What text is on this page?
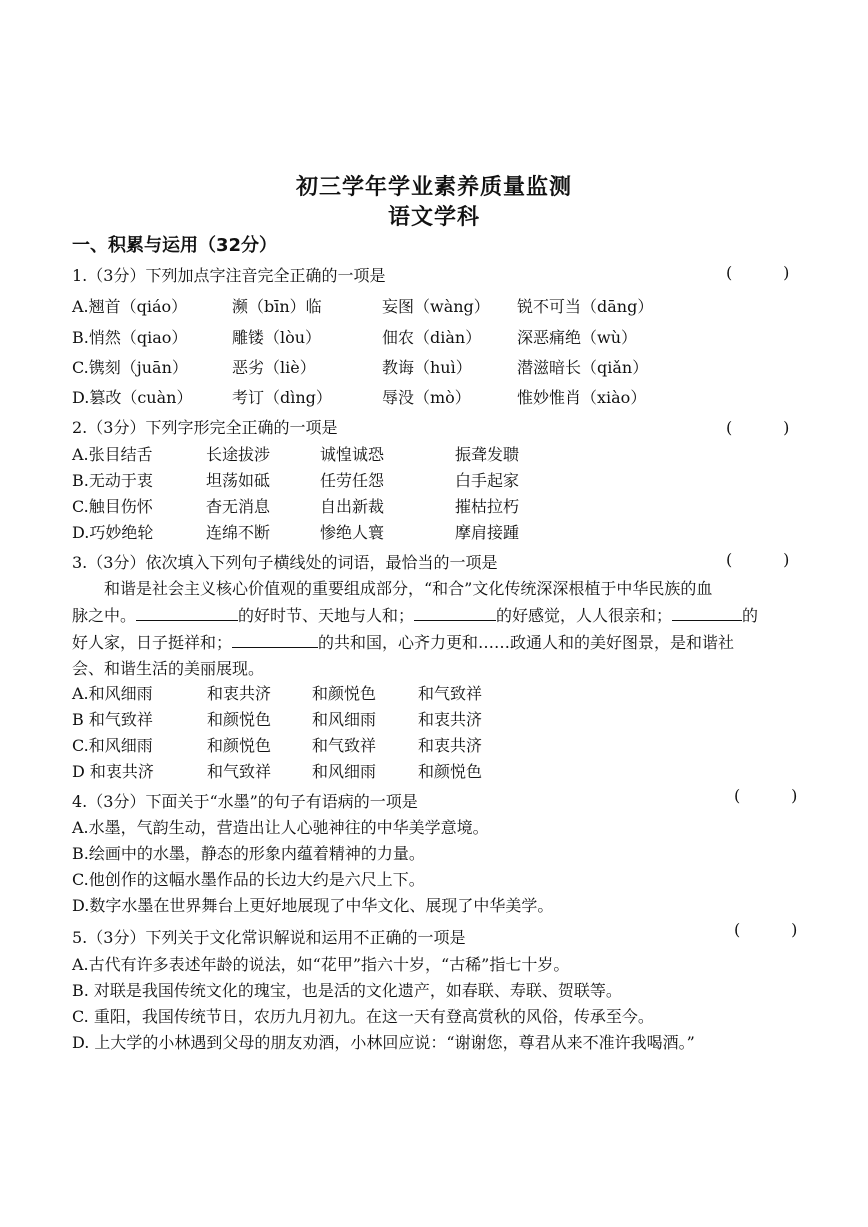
初三学年学业素养质量监测
语文学科
一、积累与运用（32分）
1.（3分）下列加点字注音完全正确的一项是	(          )
A.翘首（qiáo）	濒（bīn）临	妄图（wàng） 锐不可当（dāng）
B.悄然（qiao）	雕镂（lòu）	佃农（diàn） 深恶痛绝（wù）
C.镌刻（juān）	恶劣（liè）	教诲（huì）	潜滋暗长（qiǎn）
D.篡改（cuàn） 考订（dìng）	辱没（mò）	惟妙惟肖（xiào）
2.（3分）下列字形完全正确的一项是	(          )
A.张目结舌	长途拔涉	诚惶诚恐	振聋发聩
B.无动于衷	坦荡如砥	任劳任怨	白手起家
C.触目伤怀	杳无消息	自出新裁	摧枯拉朽
D.巧妙绝轮	连绵不断	惨绝人寰	摩肩接踵
3.（3分）依次填入下列句子横线处的词语，最恰当的一项是	(          )
和谐是社会主义核心价值观的重要组成部分，“和合”文化传统深深根植于中华民族的血
脉之中。	的好时节、天地与人和；	的好感觉，人人很亲和；	的
好人家，日子挺祥和；	的共和国，心齐力更和……政通人和的美好图景，是和谐社
会、和谐生活的美丽展现。
A.和风细雨	和衷共济	和颜悦色	和气致祥
B 和气致祥	和颜悦色	和风细雨	和衷共济
C.和风细雨	和颜悦色	和气致祥	和衷共济
D 和衷共济	和气致祥	和风细雨	和颜悦色
4.（3分）下面关于“水墨”的句子有语病的一项是	(          )
A.水墨，气韵生动，营造出让人心驰神往的中华美学意境。
B.绘画中的水墨，静态的形象内蕴着精神的力量。
C.他创作的这幅水墨作品的长边大约是六尺上下。
D.数字水墨在世界舞台上更好地展现了中华文化、展现了中华美学。
5.（3分）下列关于文化常识解说和运用不正确的一项是	(          )
A.古代有许多表述年龄的说法，如“花甲”指六十岁，“古稀”指七十岁。
B. 对联是我国传统文化的瑰宝，也是活的文化遗产，如春联、寿联、贺联等。
C. 重阳，我国传统节日，农历九月初九。在这一天有登高赏秋的风俗，传承至今。
D. 上大学的小林遇到父母的朋友劝酒，小林回应说：“谢谢您，尊君从来不准许我喝酒。”
